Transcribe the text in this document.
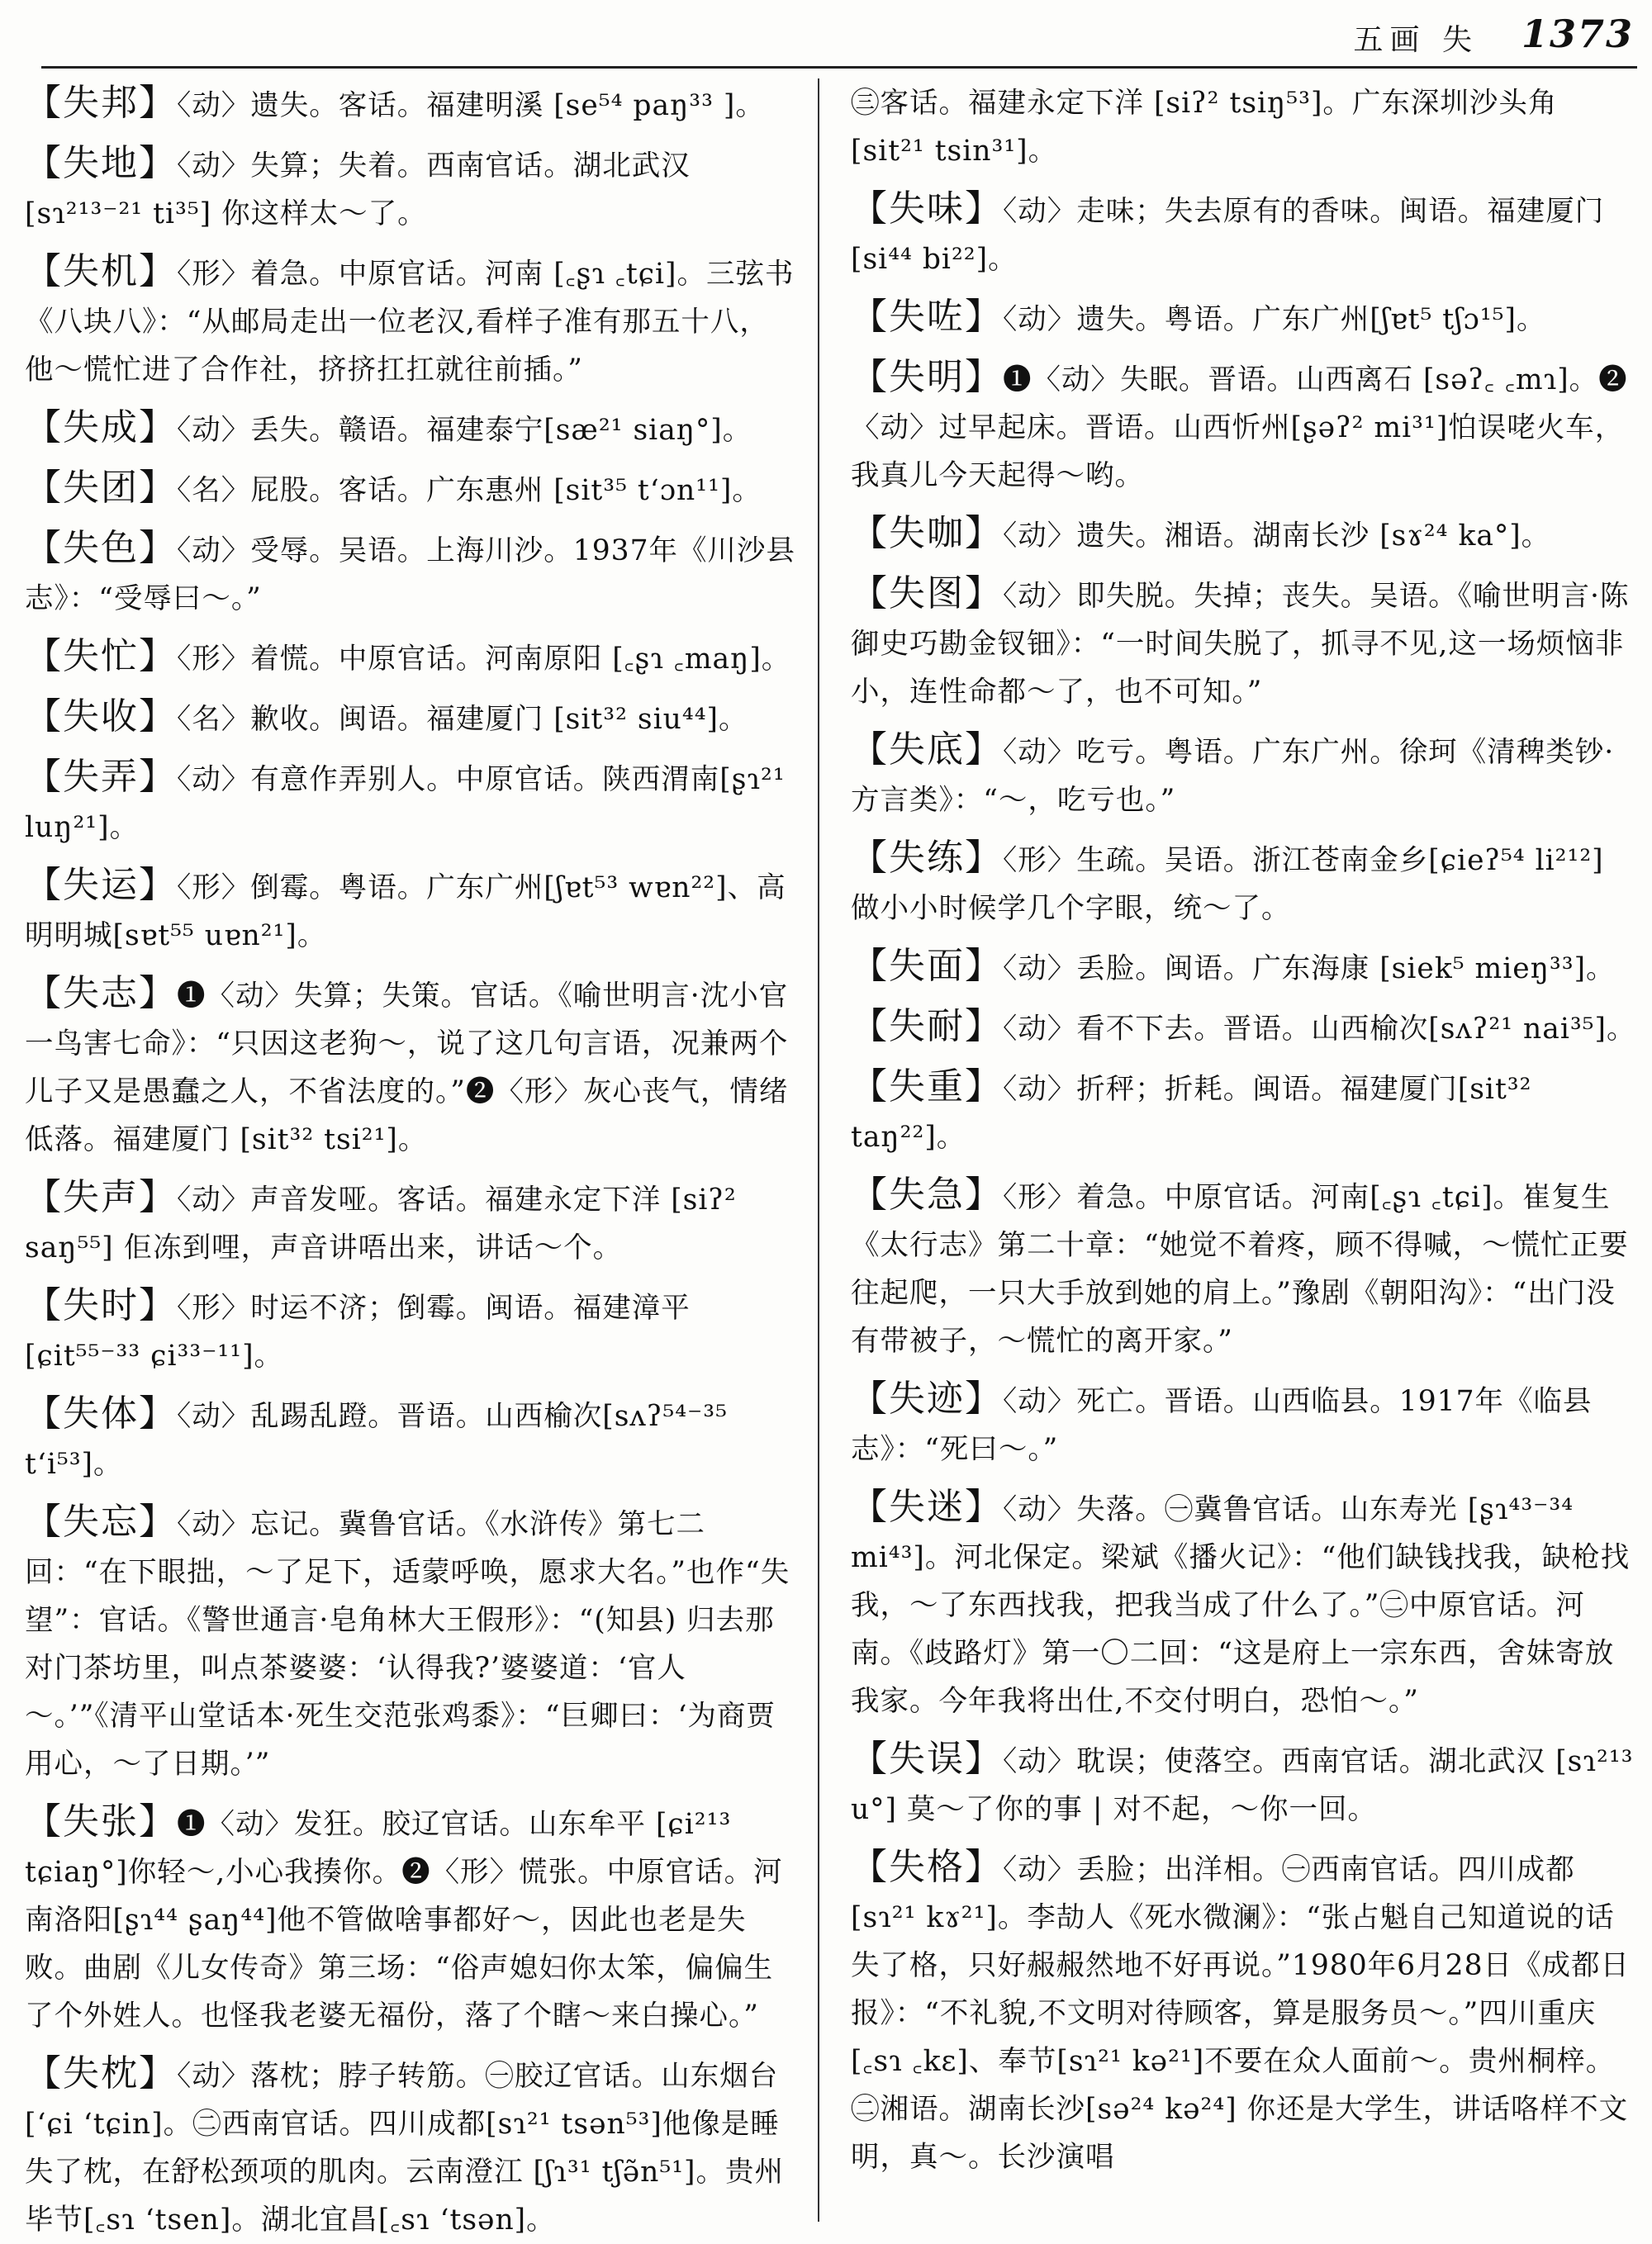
五画 失 1373

【失邦】〈动〉遗失。客话。福建明溪 [se⁵⁴ paŋ³³ ]。

【失地】〈动〉失算；失着。西南官话。湖北武汉[sɿ²¹³⁻²¹ ti³⁵] 你这样太～了。

【失机】〈形〉着急。中原官话。河南 [꜀ʂɿ ꜀tɕi]。三弦书《八块八》：“从邮局走出一位老汉,看样子准有那五十八，他～慌忙进了合作社，挤挤扛扛就往前插。”

【失成】〈动〉丢失。赣语。福建泰宁[sæ²¹ siaŋ°]。

【失团】〈名〉屁股。客话。广东惠州 [sit³⁵ tʻɔn¹¹]。

【失色】〈动〉受辱。吴语。上海川沙。1937年《川沙县志》：“受辱曰～。”

【失忙】〈形〉着慌。中原官话。河南原阳 [꜀ʂɿ ꜀maŋ]。

【失收】〈名〉歉收。闽语。福建厦门 [sit³² siu⁴⁴]。

【失弄】〈动〉有意作弄别人。中原官话。陕西渭南[ʂɿ²¹ luŋ²¹]。

【失运】〈形〉倒霉。粤语。广东广州[ʃɐt⁵³ wɐn²²]、高明明城[sɐt⁵⁵ uɐn²¹]。

【失志】❶〈动〉失算；失策。官话。《喻世明言·沈小官一鸟害七命》：“只因这老狗～，说了这几句言语，况兼两个儿子又是愚蠢之人，不省法度的。”❷〈形〉灰心丧气，情绪低落。福建厦门 [sit³² tsi²¹]。

【失声】〈动〉声音发哑。客话。福建永定下洋 [siʔ² saŋ⁵⁵] 佢冻到哩，声音讲唔出来，讲话～个。

【失时】〈形〉时运不济；倒霉。闽语。福建漳平[ɕit⁵⁵⁻³³ ɕi³³⁻¹¹]。

【失体】〈动〉乱踢乱蹬。晋语。山西榆次[sʌʔ⁵⁴⁻³⁵ tʻi⁵³]。

【失忘】〈动〉忘记。冀鲁官话。《水浒传》第七二回：“在下眼拙，～了足下，适蒙呼唤，愿求大名。”也作“失望”：官话。《警世通言·皂角林大王假形》：“(知县) 归去那对门茶坊里，叫点茶婆婆：‘认得我?’婆婆道：‘官人～。’”《清平山堂话本·死生交范张鸡黍》：“巨卿曰：‘为商贾用心，～了日期。’”

【失张】❶〈动〉发狂。胶辽官话。山东牟平 [ɕi²¹³ tɕiaŋ°]你轻～,小心我揍你。❷〈形〉慌张。中原官话。河南洛阳[ʂɿ⁴⁴ ʂaŋ⁴⁴]他不管做啥事都好～，因此也老是失败。曲剧《儿女传奇》第三场：“俗声媳妇你太笨，偏偏生了个外姓人。也怪我老婆无福份，落了个瞎～来白操心。”

【失枕】〈动〉落枕；脖子转筋。㊀胶辽官话。山东烟台 [ʻɕi ʻtɕin]。㊁西南官话。四川成都[sɿ²¹ tsən⁵³]他像是睡失了枕，在舒松颈项的肌肉。云南澄江 [ʃɿ³¹ tʃə̃n⁵¹]。贵州毕节[꜀sɿ ʻtsen]。湖北宜昌[꜀sɿ ʻtsən]。

㊂客话。福建永定下洋 [siʔ² tsiŋ⁵³]。广东深圳沙头角 [sit²¹ tsin³¹]。

【失味】〈动〉走味；失去原有的香味。闽语。福建厦门 [si⁴⁴ bi²²]。

【失咗】〈动〉遗失。粤语。广东广州[ʃɐt⁵ tʃɔ¹⁵]。

【失明】❶〈动〉失眠。晋语。山西离石 [səʔ꜀ ꜀mɿ]。❷〈动〉过早起床。晋语。山西忻州[ʂəʔ² mi³¹]怕误咾火车，我真儿今天起得～哟。

【失咖】〈动〉遗失。湘语。湖南长沙 [sɤ²⁴ ka°]。

【失图】〈动〉即失脱。失掉；丧失。吴语。《喻世明言·陈御史巧勘金钗钿》：“一时间失脱了，抓寻不见,这一场烦恼非小，连性命都～了，也不可知。”

【失底】〈动〉吃亏。粤语。广东广州。徐珂《清稗类钞·方言类》：“～，吃亏也。”

【失练】〈形〉生疏。吴语。浙江苍南金乡[ɕieʔ⁵⁴ li²¹²] 做小小时候学几个字眼，统～了。

【失面】〈动〉丢脸。闽语。广东海康 [siek⁵ mieŋ³³]。

【失耐】〈动〉看不下去。晋语。山西榆次[sʌʔ²¹ nai³⁵]。

【失重】〈动〉折秤；折耗。闽语。福建厦门[sit³² taŋ²²]。

【失急】〈形〉着急。中原官话。河南[꜀ʂɿ ꜀tɕi]。崔复生《太行志》第二十章：“她觉不着疼，顾不得喊，～慌忙正要往起爬，一只大手放到她的肩上。”豫剧《朝阳沟》：“出门没有带被子，～慌忙的离开家。”

【失迹】〈动〉死亡。晋语。山西临县。1917年《临县志》：“死曰～。”

【失迷】〈动〉失落。㊀冀鲁官话。山东寿光 [ʂɿ⁴³⁻³⁴ mi⁴³]。河北保定。梁斌《播火记》：“他们缺钱找我，缺枪找我，～了东西找我，把我当成了什么了。”㊁中原官话。河南。《歧路灯》第一〇二回：“这是府上一宗东西，舍妹寄放我家。今年我将出仕,不交付明白，恐怕～。”

【失误】〈动〉耽误；使落空。西南官话。湖北武汉 [sɿ²¹³ u°] 莫～了你的事 | 对不起，～你一回。

【失格】〈动〉丢脸；出洋相。㊀西南官话。四川成都 [sɿ²¹ kɤ²¹]。李劼人《死水微澜》：“张占魁自己知道说的话失了格，只好赧赧然地不好再说。”1980年6月28日《成都日报》：“不礼貌,不文明对待顾客，算是服务员～。”四川重庆 [꜀sɿ ꜀kɛ]、奉节[sɿ²¹ kə²¹]不要在众人面前～。贵州桐梓。㊁湘语。湖南长沙[sə²⁴ kə²⁴] 你还是大学生，讲话咯样不文明，真～。长沙演唱
